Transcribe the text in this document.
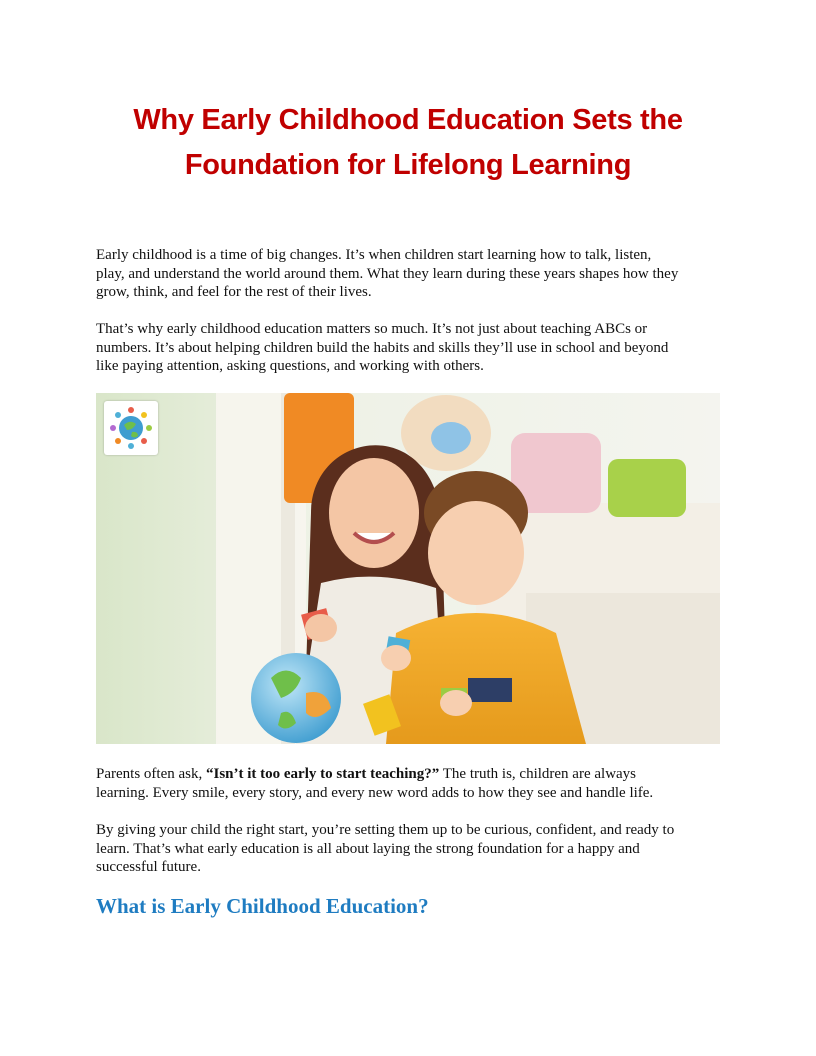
Why Early Childhood Education Sets the
Foundation for Lifelong Learning

Early childhood is a time of big changes. It’s when children start learning how to talk, listen,
play, and understand the world around them. What they learn during these years shapes how they
grow, think, and feel for the rest of their lives.

That’s why early childhood education matters so much. It’s not just about teaching ABCs or
numbers. It’s about helping children build the habits and skills they’ll use in school and beyond
like paying attention, asking questions, and working with others.

Parents often ask, “Isn’t it too early to start teaching?” The truth is, children are always
learning. Every smile, every story, and every new word adds to how they see and handle life.

By giving your child the right start, you’re setting them up to be curious, confident, and ready to
learn. That’s what early education is all about laying the strong foundation for a happy and
successful future.

What is Early Childhood Education?
